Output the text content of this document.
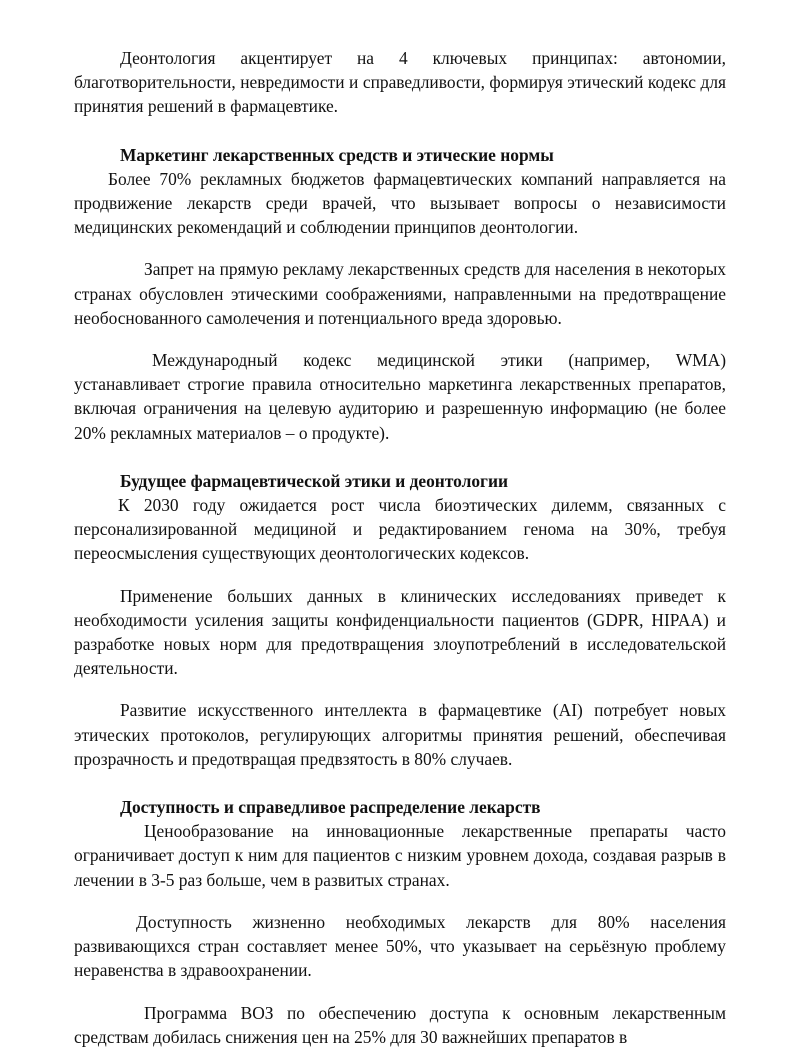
Деонтология акцентирует на 4 ключевых принципах: автономии, благотворительности, невредимости и справедливости, формируя этический кодекс для принятия решений в фармацевтике.

Маркетинг лекарственных средств и этические нормы

Более 70% рекламных бюджетов фармацевтических компаний направляется на продвижение лекарств среди врачей, что вызывает вопросы о независимости медицинских рекомендаций и соблюдении принципов деонтологии.

Запрет на прямую рекламу лекарственных средств для населения в некоторых странах обусловлен этическими соображениями, направленными на предотвращение необоснованного самолечения и потенциального вреда здоровью.

Международный кодекс медицинской этики (например, WMA) устанавливает строгие правила относительно маркетинга лекарственных препаратов, включая ограничения на целевую аудиторию и разрешенную информацию (не более 20% рекламных материалов – о продукте).

Будущее фармацевтической этики и деонтологии

К 2030 году ожидается рост числа биоэтических дилемм, связанных с персонализированной медициной и редактированием генома на 30%, требуя переосмысления существующих деонтологических кодексов.

Применение больших данных в клинических исследованиях приведет к необходимости усиления защиты конфиденциальности пациентов (GDPR, HIPAA) и разработке новых норм для предотвращения злоупотреблений в исследовательской деятельности.

Развитие искусственного интеллекта в фармацевтике (AI) потребует новых этических протоколов, регулирующих алгоритмы принятия решений, обеспечивая прозрачность и предотвращая предвзятость в 80% случаев.

Доступность и справедливое распределение лекарств

Ценообразование на инновационные лекарственные препараты часто ограничивает доступ к ним для пациентов с низким уровнем дохода, создавая разрыв в лечении в 3-5 раз больше, чем в развитых странах.

Доступность жизненно необходимых лекарств для 80% населения развивающихся стран составляет менее 50%, что указывает на серьёзную проблему неравенства в здравоохранении.

Программа ВОЗ по обеспечению доступа к основным лекарственным средствам добилась снижения цен на 25% для 30 важнейших препаратов в
